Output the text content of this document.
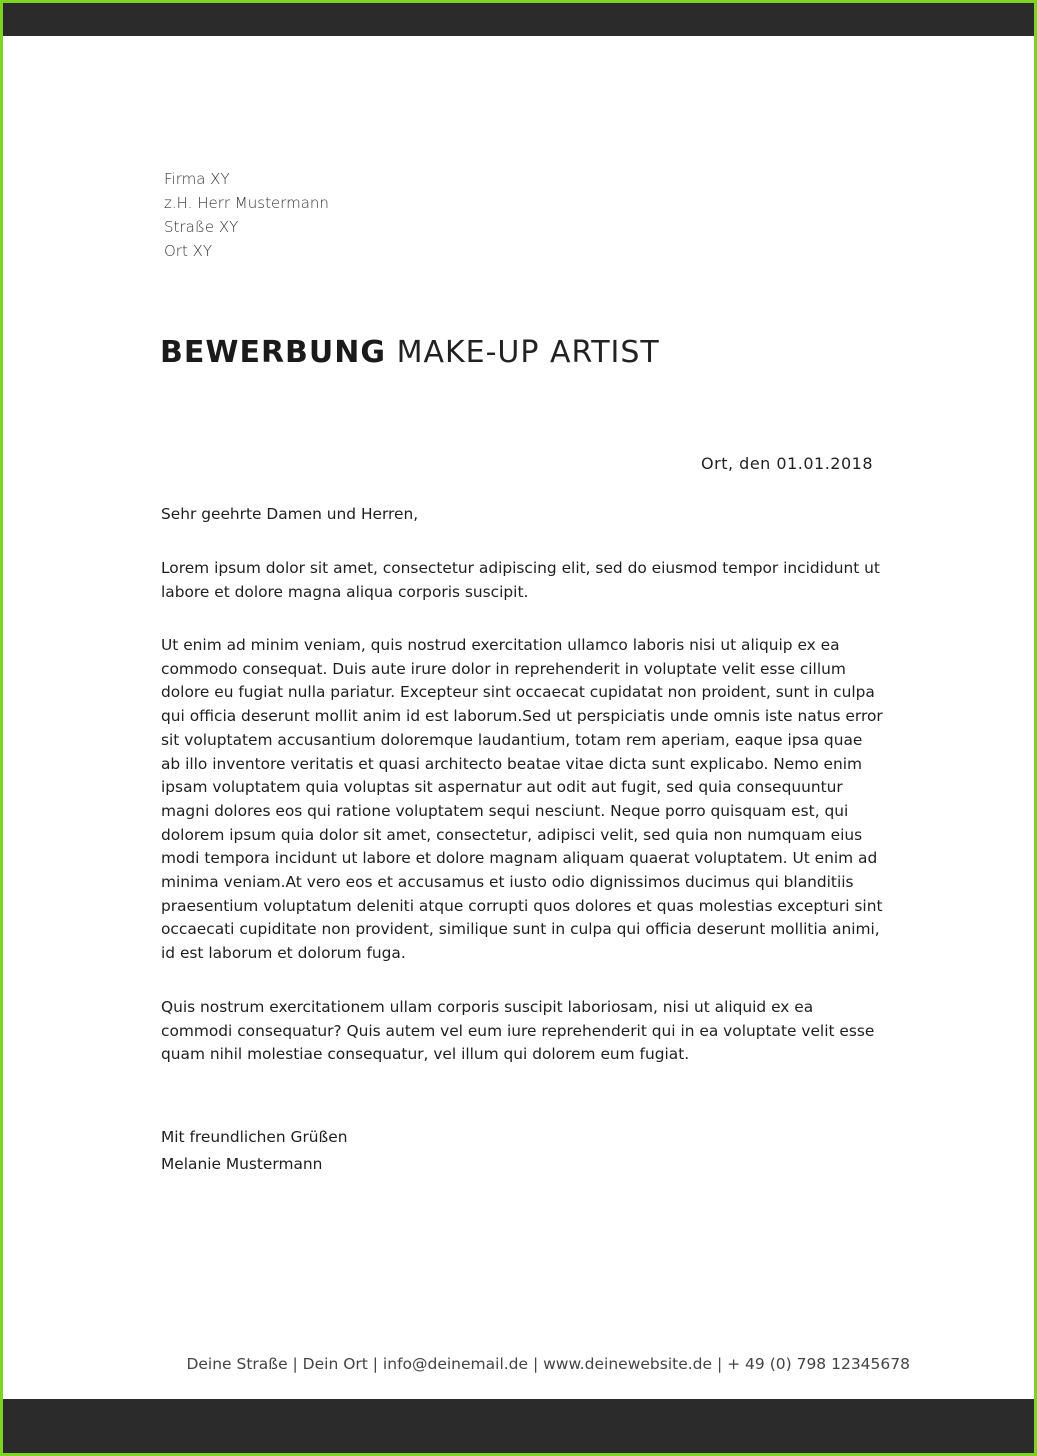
Firma XY
z.H. Herr Mustermann
Straße XY
Ort XY
BEWERBUNG MAKE-UP ARTIST
Ort, den 01.01.2018
Sehr geehrte Damen und Herren,

Lorem ipsum dolor sit amet, consectetur adipiscing elit, sed do eiusmod tempor incididunt ut labore et dolore magna aliqua corporis suscipit.

Ut enim ad minim veniam, quis nostrud exercitation ullamco laboris nisi ut aliquip ex ea commodo consequat. Duis aute irure dolor in reprehenderit in voluptate velit esse cillum dolore eu fugiat nulla pariatur. Excepteur sint occaecat cupidatat non proident, sunt in culpa qui officia deserunt mollit anim id est laborum.Sed ut perspiciatis unde omnis iste natus error sit voluptatem accusantium doloremque laudantium, totam rem aperiam, eaque ipsa quae ab illo inventore veritatis et quasi architecto beatae vitae dicta sunt explicabo. Nemo enim ipsam voluptatem quia voluptas sit aspernatur aut odit aut fugit, sed quia consequuntur magni dolores eos qui ratione voluptatem sequi nesciunt. Neque porro quisquam est, qui dolorem ipsum quia dolor sit amet, consectetur, adipisci velit, sed quia non numquam eius modi tempora incidunt ut labore et dolore magnam aliquam quaerat voluptatem. Ut enim ad minima veniam.At vero eos et accusamus et iusto odio dignissimos ducimus qui blanditiis praesentium voluptatum deleniti atque corrupti quos dolores et quas molestias excepturi sint occaecati cupiditate non provident, similique sunt in culpa qui officia deserunt mollitia animi, id est laborum et dolorum fuga.

Quis nostrum exercitationem ullam corporis suscipit laboriosam, nisi ut aliquid ex ea commodi consequatur? Quis autem vel eum iure reprehenderit qui in ea voluptate velit esse quam nihil molestiae consequatur, vel illum qui dolorem eum fugiat.

Mit freundlichen Grüßen
Melanie Mustermann
Deine Straße | Dein Ort | info@deinemail.de | www.deinewebsite.de | + 49 (0) 798 12345678
